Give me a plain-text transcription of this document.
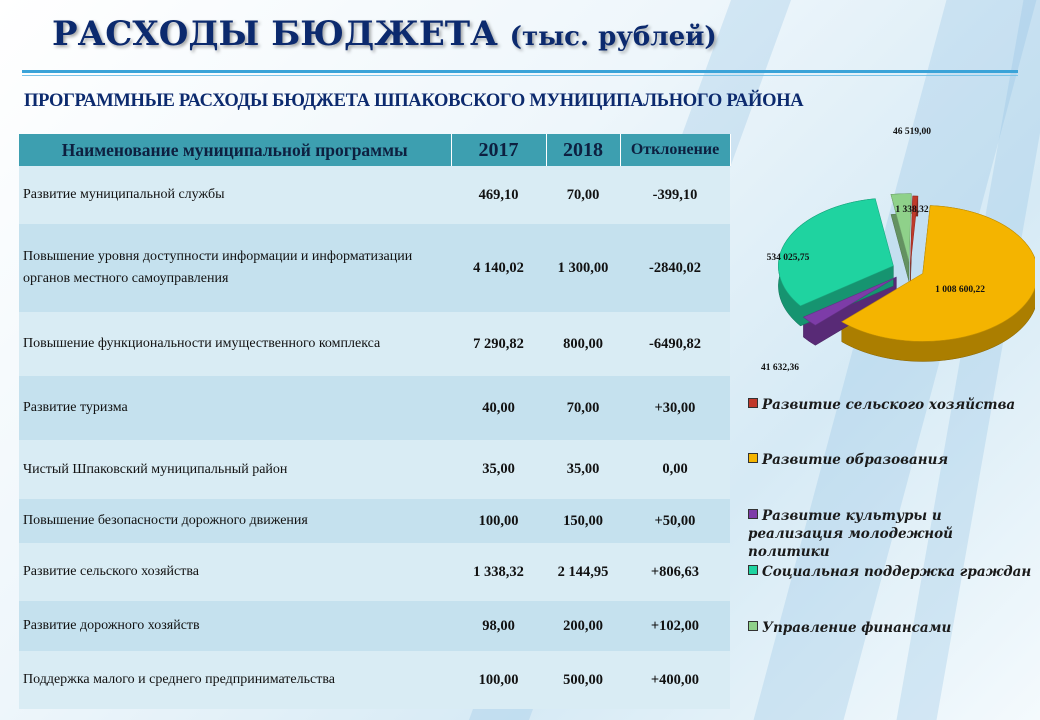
РАСХОДЫ БЮДЖЕТА (тыс. рублей)
ПРОГРАММНЫЕ РАСХОДЫ БЮДЖЕТА ШПАКОВСКОГО МУНИЦИПАЛЬНОГО РАЙОНА
Наименование муниципальной программы	2017	2018	Отклонение
Развитие муниципальной службы	469,10	70,00	-399,10
Повышение уровня доступности информации и информатизации органов местного самоуправления	4 140,02	1 300,00	-2840,02
Повышение функциональности имущественного комплекса	7 290,82	800,00	-6490,82
Развитие туризма	40,00	70,00	+30,00
Чистый Шпаковский муниципальный район	35,00	35,00	0,00
Повышение безопасности дорожного движения	100,00	150,00	+50,00
Развитие сельского хозяйства	1 338,32	2 144,95	+806,63
Развитие дорожного хозяйств	98,00	200,00	+102,00
Поддержка малого и среднего предпринимательства	100,00	500,00	+400,00
1 338,32
1 008 600,22
41 632,36
534 025,75
46 519,00
Развитие сельского хозяйства
Развитие образования
Развитие культуры и реализация молодежной политики
Социальная поддержка граждан
Управление финансами
